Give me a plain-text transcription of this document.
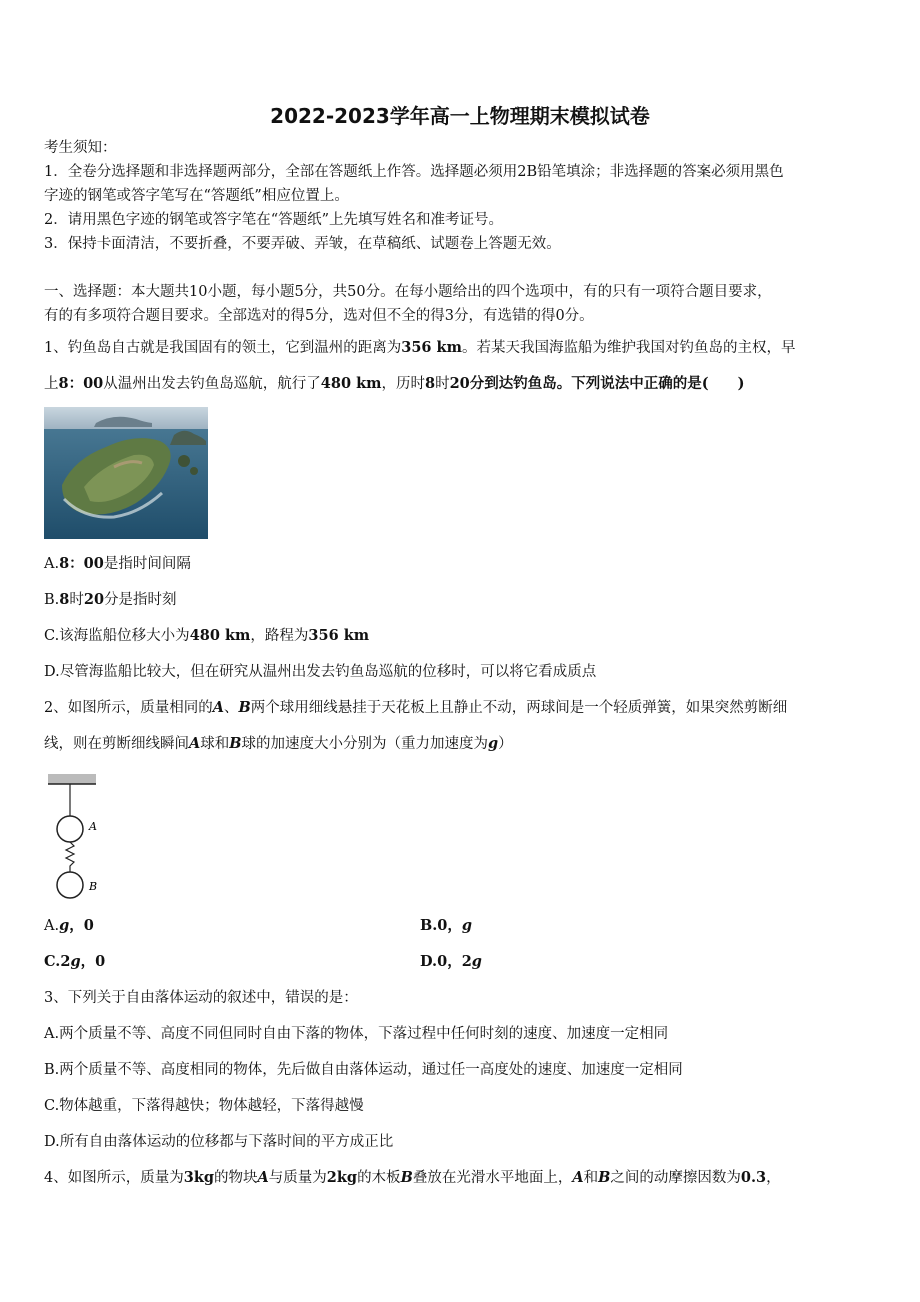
2022-2023学年高一上物理期末模拟试卷
考生须知：
1．全卷分选择题和非选择题两部分，全部在答题纸上作答。选择题必须用2B铅笔填涂；非选择题的答案必须用黑色
字迹的钢笔或答字笔写在“答题纸”相应位置上。
2．请用黑色字迹的钢笔或答字笔在“答题纸”上先填写姓名和准考证号。
3．保持卡面清洁，不要折叠，不要弄破、弄皱，在草稿纸、试题卷上答题无效。
一、选择题：本大题共10小题，每小题5分，共50分。在每小题给出的四个选项中，有的只有一项符合题目要求，
有的有多项符合题目要求。全部选对的得5分，选对但不全的得3分，有选错的得0分。
1、钓鱼岛自古就是我国固有的领土，它到温州的距离为356 km。若某天我国海监船为维护我国对钓鱼岛的主权，早
上8：00从温州出发去钓鱼岛巡航，航行了480 km，历时8时20分到达钓鱼岛。下列说法中正确的是(　　)
A.8：00是指时间间隔
B.8时20分是指时刻
C.该海监船位移大小为480 km，路程为356 km
D.尽管海监船比较大，但在研究从温州出发去钓鱼岛巡航的位移时，可以将它看成质点
2、如图所示，质量相同的A、B两个球用细线悬挂于天花板上且静止不动，两球间是一个轻质弹簧，如果突然剪断细
线，则在剪断细线瞬间A球和B球的加速度大小分别为（重力加速度为g）
A
B
A.g，0	B.0，g
C.2g，0	D.0，2g
3、下列关于自由落体运动的叙述中，错误的是：
A.两个质量不等、高度不同但同时自由下落的物体，下落过程中任何时刻的速度、加速度一定相同
B.两个质量不等、高度相同的物体，先后做自由落体运动，通过任一高度处的速度、加速度一定相同
C.物体越重，下落得越快；物体越轻，下落得越慢
D.所有自由落体运动的位移都与下落时间的平方成正比
4、如图所示，质量为3kg的物块A与质量为2kg的木板B叠放在光滑水平地面上，A和B之间的动摩擦因数为0.3，
